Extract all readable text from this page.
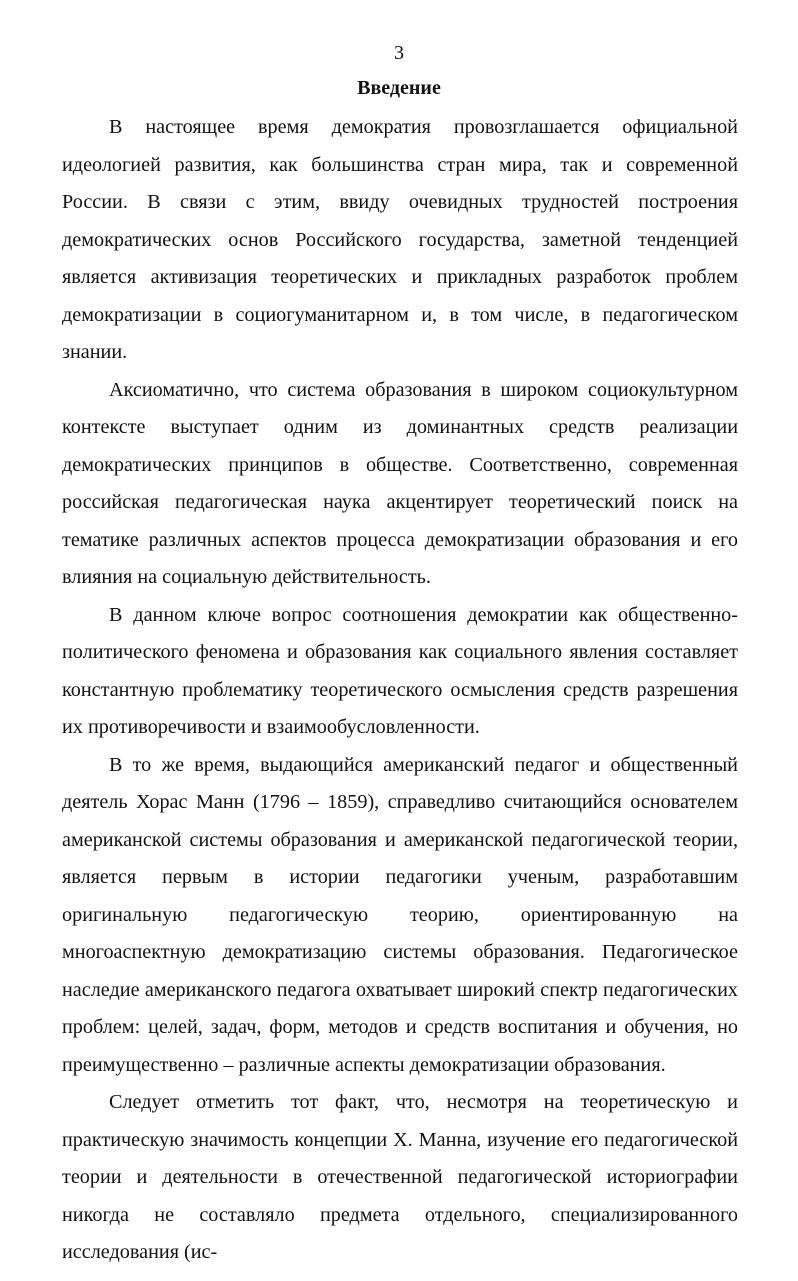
3
Введение

В настоящее время демократия провозглашается официальной идеологией развития, как большинства стран мира, так и современной России. В связи с этим, ввиду очевидных трудностей построения демократических основ Российского государства, заметной тенденцией является активизация теоретических и прикладных разработок проблем демократизации в социогуманитарном и, в том числе, в педагогическом знании.

Аксиоматично, что система образования в широком социокультурном контексте выступает одним из доминантных средств реализации демократических принципов в обществе. Соответственно, современная российская педагогическая наука акцентирует теоретический поиск на тематике различных аспектов процесса демократизации образования и его влияния на социальную действительность.

В данном ключе вопрос соотношения демократии как общественно-политического феномена и образования как социального явления составляет константную проблематику теоретического осмысления средств разрешения их противоречивости и взаимообусловленности.

В то же время, выдающийся американский педагог и общественный деятель Хорас Манн (1796 – 1859), справедливо считающийся основателем американской системы образования и американской педагогической теории, является первым в истории педагогики ученым, разработавшим оригинальную педагогическую теорию, ориентированную на многоаспектную демократизацию системы образования. Педагогическое наследие американского педагога охватывает широкий спектр педагогических проблем: целей, задач, форм, методов и средств воспитания и обучения, но преимущественно – различные аспекты демократизации образования.

Следует отметить тот факт, что, несмотря на теоретическую и практическую значимость концепции Х. Манна, изучение его педагогической теории и деятельности в отечественной педагогической историографии никогда не составляло предмета отдельного, специализированного исследования (ис-
